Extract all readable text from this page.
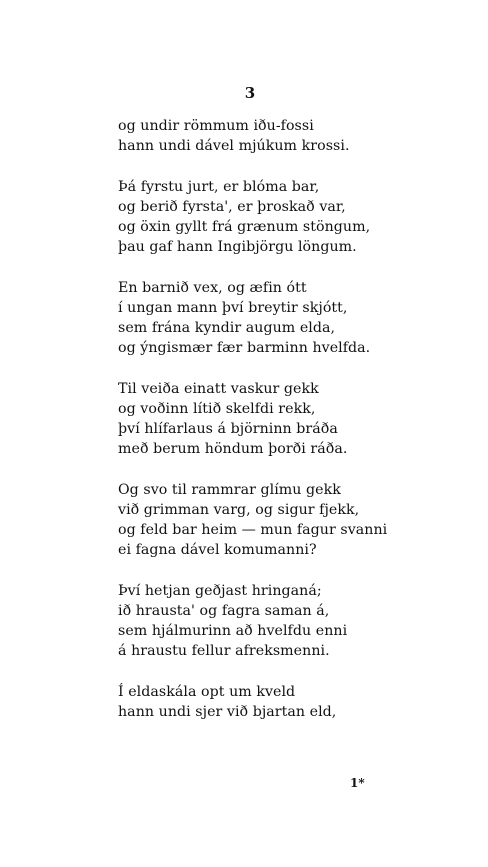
3
og undir römmum iðu-fossi
hann undi dável mjúkum krossi.
Þá fyrstu jurt, er blóma bar,
og berið fyrsta', er þroskað var,
og öxin gyllt frá grænum stöngum,
þau gaf hann Ingibjörgu löngum.
En barnið vex, og æfin ótt
í ungan mann því breytir skjótt,
sem frána kyndir augum elda,
og ýngismær fær barminn hvelfda.
Til veiða einatt vaskur gekk
og voðinn lítið skelfdi rekk,
því hlífarlaus á björninn bráða
með berum höndum þorði ráða.
Og svo til rammrar glímu gekk
við grimman varg, og sigur fjekk,
og feld bar heim — mun fagur svanni
ei fagna dável komumanni?
Því hetjan geðjast hringaná;
ið hrausta' og fagra saman á,
sem hjálmurinn að hvelfdu enni
á hraustu fellur afreksmenni.
Í eldaskála opt um kveld
hann undi sjer við bjartan eld,
1*
